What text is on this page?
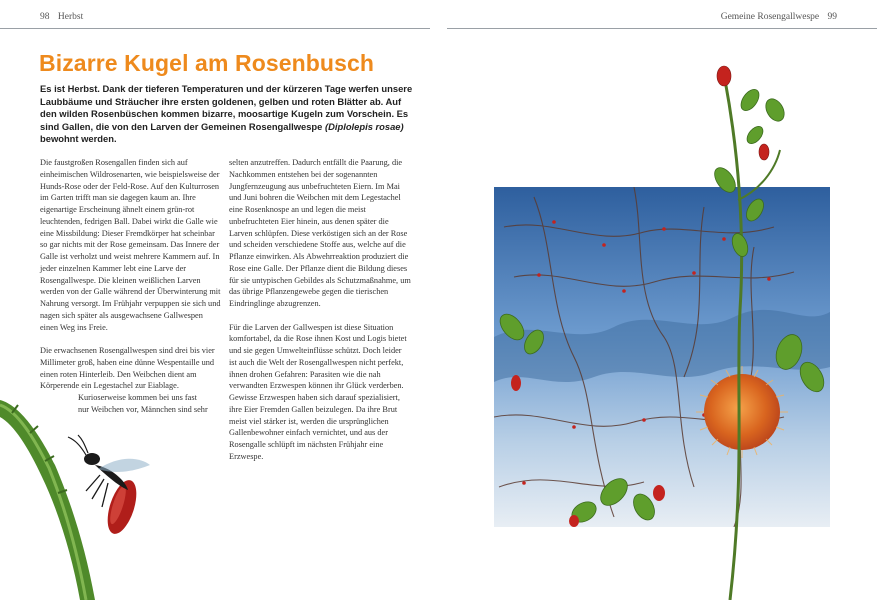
98 Herbst	Gemeine Rosengallwespe 99
Bizarre Kugel am Rosenbusch
Es ist Herbst. Dank der tieferen Temperaturen und der kürzeren Tage werfen unsere Laubbäume und Sträucher ihre ersten goldenen, gelben und roten Blätter ab. Auf den wilden Rosenbüschen kommen bizarre, moosartige Kugeln zum Vorschein. Es sind Gallen, die von den Larven der Gemeinen Rosengallwespe (Diplolepis rosae) bewohnt werden.

Die faustgroßen Rosengallen finden sich auf einheimischen Wildrosenarten, wie beispielsweise der Hunds-Rose oder der Feld-Rose. Auf den Kulturrosen im Garten trifft man sie dagegen kaum an. Ihre eigenartige Erscheinung ähnelt einem grün-rot leuchtenden, fedrigen Ball. Dabei wirkt die Galle wie eine Missbildung: Dieser Fremdkörper hat scheinbar so gar nichts mit der Rose gemeinsam. Das Innere der Galle ist verholzt und weist mehrere Kammern auf. In jeder einzelnen Kammer lebt eine Larve der Rosengallwespe. Die kleinen weißlichen Larven werden von der Galle während der Überwinterung mit Nahrung versorgt. Im Frühjahr verpuppen sie sich und nagen sich später als ausgewachsene Gallwespen einen Weg ins Freie.

Die erwachsenen Rosengallwespen sind drei bis vier Millimeter groß, haben eine dünne Wespentaille und einen roten Hinterleib. Den Weibchen dient am Körperende ein Legestachel zur Eiablage.
Kurioserweise kommen bei uns fast nur Weibchen vor, Männchen sind sehr

selten anzutreffen. Dadurch entfällt die Paarung, die Nachkommen entstehen bei der sogenannten Jungfernzeugung aus unbefruchteten Eiern. Im Mai und Juni bohren die Weibchen mit dem Legestachel eine Rosenknospe an und legen die meist unbefruchteten Eier hinein, aus denen später die Larven schlüpfen. Diese verköstigen sich an der Rose und scheiden verschiedene Stoffe aus, welche auf die Pflanze einwirken. Als Abwehrreaktion produziert die Rose eine Galle. Der Pflanze dient die Bildung dieses für sie untypischen Gebildes als Schutzmaßnahme, um das übrige Pflanzengewebe gegen die tierischen Eindringlinge abzugrenzen.

Für die Larven der Gallwespen ist diese Situation komfortabel, da die Rose ihnen Kost und Logis bietet und sie gegen Umwelteinflüsse schützt. Doch leider ist auch die Welt der Rosengallwespen nicht perfekt, ihnen drohen Gefahren: Parasiten wie die nah verwandten Erzwespen können ihr Glück verderben. Gewisse Erzwespen haben sich darauf spezialisiert, ihre Eier Fremden Gallen beizulegen. Da ihre Brut meist viel stärker ist, werden die ursprünglichen Gallenbewohner einfach vernichtet, und aus der Rosengalle schlüpft im nächsten Frühjahr eine Erzwespe.
